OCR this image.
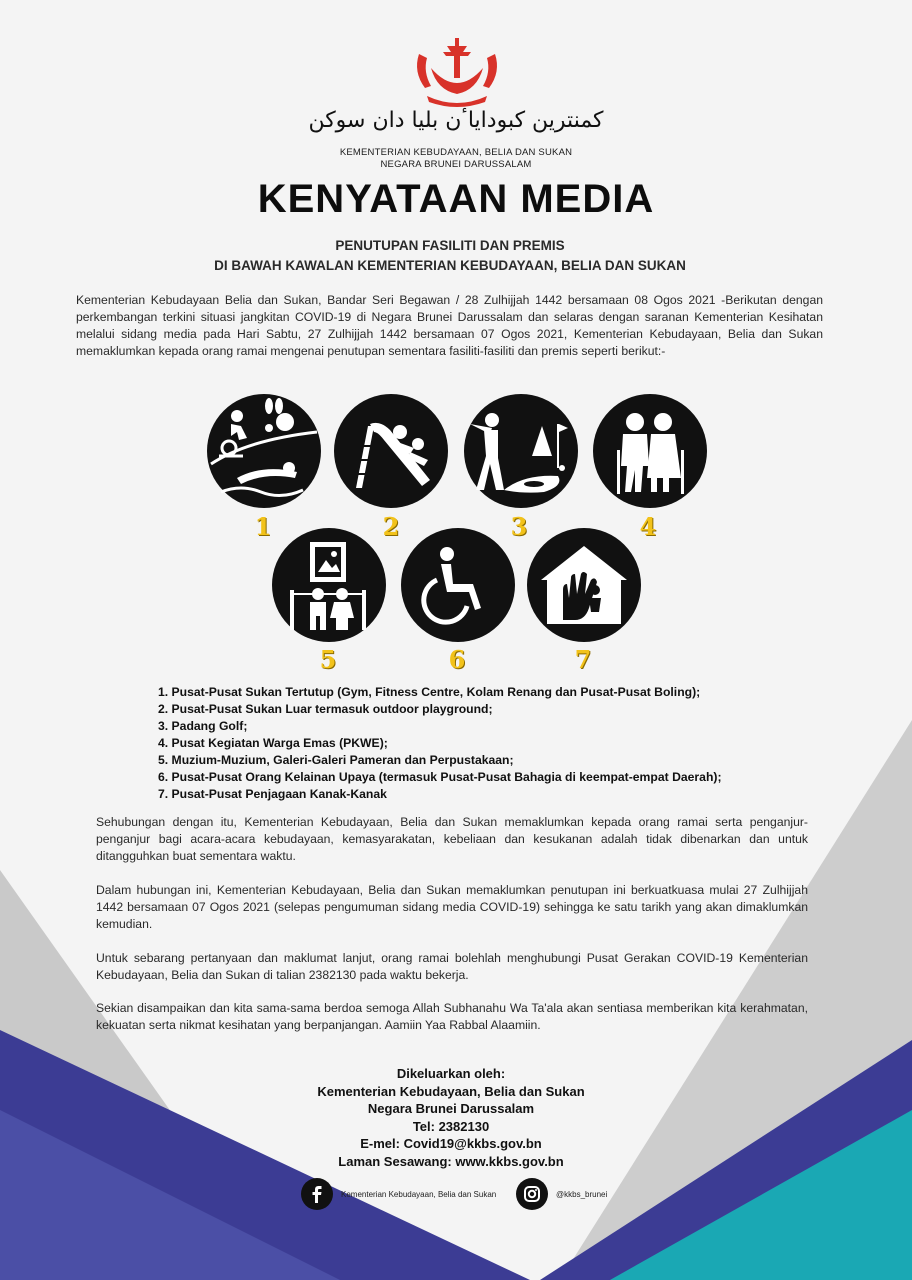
کمنترين کبوداياٴن بليا دان سوکن
KEMENTERIAN KEBUDAYAAN, BELIA DAN SUKAN
NEGARA BRUNEI DARUSSALAM
KENYATAAN MEDIA
PENUTUPAN FASILITI DAN PREMIS
DI BAWAH KAWALAN KEMENTERIAN KEBUDAYAAN, BELIA DAN SUKAN
Kementerian Kebudayaan Belia dan Sukan, Bandar Seri Begawan / 28 Zulhijjah 1442 bersamaan 08 Ogos 2021 -Berikutan dengan perkembangan terkini situasi jangkitan COVID-19 di Negara Brunei Darussalam dan selaras dengan saranan Kementerian Kesihatan melalui sidang media pada Hari Sabtu, 27 Zulhijjah 1442 bersamaan 07 Ogos 2021, Kementerian Kebudayaan, Belia dan Sukan memaklumkan kepada orang ramai mengenai penutupan sementara fasiliti-fasiliti dan premis seperti berikut:-
1	2	3	4
5	6	7
1. Pusat-Pusat Sukan Tertutup (Gym, Fitness Centre, Kolam Renang dan Pusat-Pusat Boling);
2. Pusat-Pusat Sukan Luar termasuk outdoor playground;
3. Padang Golf;
4. Pusat Kegiatan Warga Emas (PKWE);
5. Muzium-Muzium, Galeri-Galeri Pameran dan Perpustakaan;
6. Pusat-Pusat Orang Kelainan Upaya (termasuk Pusat-Pusat Bahagia di keempat-empat Daerah);
7. Pusat-Pusat Penjagaan Kanak-Kanak
Sehubungan dengan itu, Kementerian Kebudayaan, Belia dan Sukan memaklumkan kepada orang ramai serta penganjur-penganjur bagi acara-acara kebudayaan, kemasyarakatan, kebeliaan dan kesukanan adalah tidak dibenarkan dan untuk ditangguhkan buat sementara waktu.
Dalam hubungan ini, Kementerian Kebudayaan, Belia dan Sukan memaklumkan penutupan ini berkuatkuasa mulai 27 Zulhijjah 1442 bersamaan 07 Ogos 2021 (selepas pengumuman sidang media COVID-19) sehingga ke satu tarikh yang akan dimaklumkan kemudian.
Untuk sebarang pertanyaan dan maklumat lanjut, orang ramai bolehlah menghubungi Pusat Gerakan COVID-19 Kementerian Kebudayaan, Belia dan Sukan di talian 2382130 pada waktu bekerja.
Sekian disampaikan dan kita sama-sama berdoa semoga Allah Subhanahu Wa Ta'ala akan sentiasa memberikan kita kerahmatan, kekuatan serta nikmat kesihatan yang berpanjangan. Aamiin Yaa Rabbal Alaamiin.
Dikeluarkan oleh:
Kementerian Kebudayaan, Belia dan Sukan
Negara Brunei Darussalam
Tel: 2382130
E-mel: Covid19@kkbs.gov.bn
Laman Sesawang: www.kkbs.gov.bn
Kementerian Kebudayaan, Belia dan Sukan	@kkbs_brunei
